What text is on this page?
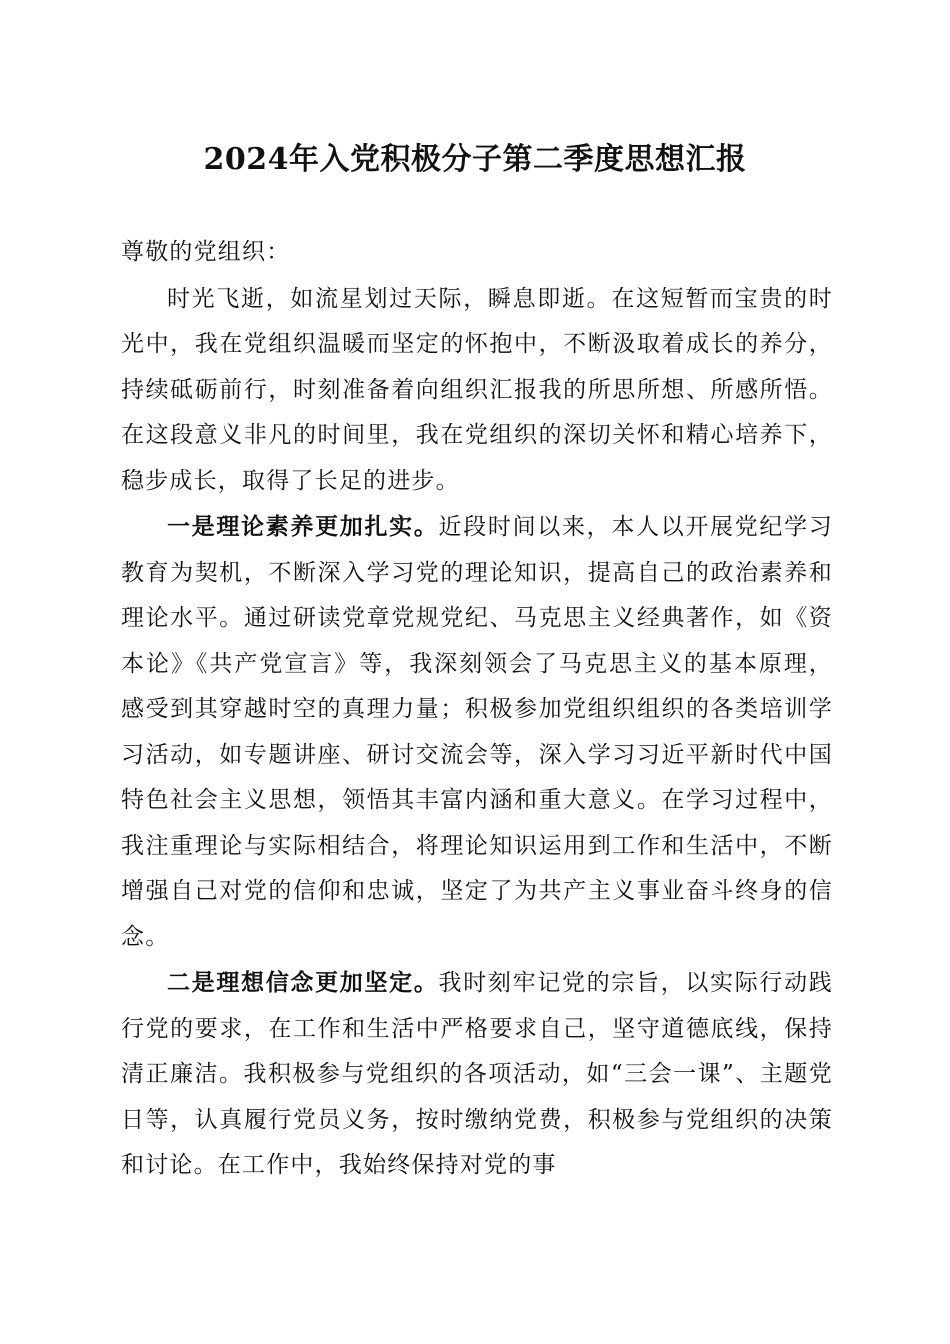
2024年入党积极分子第二季度思想汇报

尊敬的党组织：

时光飞逝，如流星划过天际，瞬息即逝。在这短暂而宝贵的时光中，我在党组织温暖而坚定的怀抱中，不断汲取着成长的养分，持续砥砺前行，时刻准备着向组织汇报我的所思所想、所感所悟。在这段意义非凡的时间里，我在党组织的深切关怀和精心培养下，稳步成长，取得了长足的进步。

一是理论素养更加扎实。近段时间以来，本人以开展党纪学习教育为契机，不断深入学习党的理论知识，提高自己的政治素养和理论水平。通过研读党章党规党纪、马克思主义经典著作，如《资本论》《共产党宣言》等，我深刻领会了马克思主义的基本原理，感受到其穿越时空的真理力量；积极参加党组织组织的各类培训学习活动，如专题讲座、研讨交流会等，深入学习习近平新时代中国特色社会主义思想，领悟其丰富内涵和重大意义。在学习过程中，我注重理论与实际相结合，将理论知识运用到工作和生活中，不断增强自己对党的信仰和忠诚，坚定了为共产主义事业奋斗终身的信念。

二是理想信念更加坚定。我时刻牢记党的宗旨，以实际行动践行党的要求，在工作和生活中严格要求自己，坚守道德底线，保持清正廉洁。我积极参与党组织的各项活动，如“三会一课”、主题党日等，认真履行党员义务，按时缴纳党费，积极参与党组织的决策和讨论。在工作中，我始终保持对党的事
